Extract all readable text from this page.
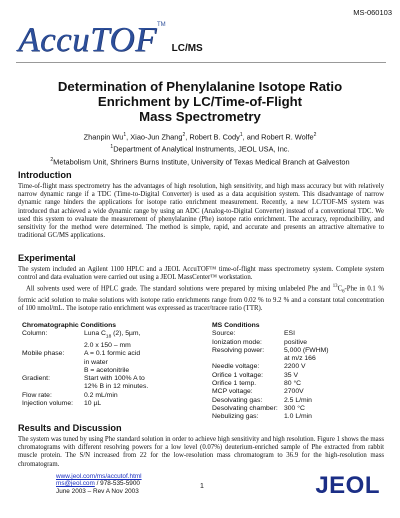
MS-060103
AccuTOF™LC/MS
Determination of Phenylalanine Isotope Ratio
Enrichment by LC/Time-of-Flight
Mass Spectrometry
Zhanpin Wu$^1$, Xiao-Jun Zhang$^2$, Robert B. Cody$^1$, and Robert R. Wolfe$^2$
$^1$Department of Analytical Instruments, JEOL USA, Inc.
$^2$Metabolism Unit, Shriners Burns Institute, University of Texas Medical Branch at Galveston
Introduction
Time-of-flight mass spectrometry has the advantages of high resolution, high sensitivity, and high mass accuracy but with relatively narrow dynamic range if a TDC (Time-to-Digital Converter) is used as a data acquisition system. This disadvantage of narrow dynamic range hinders the applications for isotope ratio enrichment measurement. Recently, a new LC/TOF-MS system was introduced that achieved a wide dynamic range by using an ADC (Analog-to-Digital Converter) instead of a conventional TDC. We used this system to evaluate the measurement of phenylalanine (Phe) isotope ratio enrichment. The accuracy, reproducibility, and sensitivity for the method were determined. The method is simple, rapid, and accurate and presents an attractive alternative to traditional GC/MS applications.
Experimental
The system included an Agilent 1100 HPLC and a JEOL AccuTOF™ time-of-flight mass spectrometry system. Complete system control and data evaluation were carried out using a JEOL MassCenter™ workstation.
All solvents used were of HPLC grade. The standard solutions were prepared by mixing unlabeled Phe and $^{13}C_6$-Phe in 0.1 % formic acid solution to make solutions with isotope ratio enrichments range from 0.02 % to 9.2 % and a constant total concentration of 100 nmol/mL. The isotope ratio enrichment was expressed as tracer/tracee ratio (TTR).
Chromatographic Conditions
Column:	Luna $C_{18}$ (2), 5µm,
2.0 x 150 – mm
Mobile phase:	A = 0.1 formic acid
in water
B = acetonitrile
Gradient:	Start with 100% A to
12% B in 12 minutes.
Flow rate:	0.2 mL/min
Injection volume:	10 µL
MS Conditions
Source:	ESI
Ionization mode:	positive
Resolving power:	5,000 (FWHM)
at m/z 166
Needle voltage:	2200 V
Orifice 1 voltage:	35 V
Orifice 1 temp.	80 °C
MCP voltage:	2700V
Desolvating gas:	2.5 L/min
Desolvating chamber: 300 °C
Nebulizing gas:	1.0 L/min
Results and Discussion
The system was tuned by using Phe standard solution in order to achieve high sensitivity and high resolution. Figure 1 shows the mass chromatograms with different resolving powers for a low level (0.07%) deuterium-enriched sample of Phe extracted from rabbit muscle protein. The S/N increased from 22 for the low-resolution mass chromatogram to 36.9 for the high-resolution mass chromatogram.
www.jeol.com/ms/accutof.html
ms@jeol.com / 978-535-5900
June 2003 – Rev A Nov 2003
1	JEOL
